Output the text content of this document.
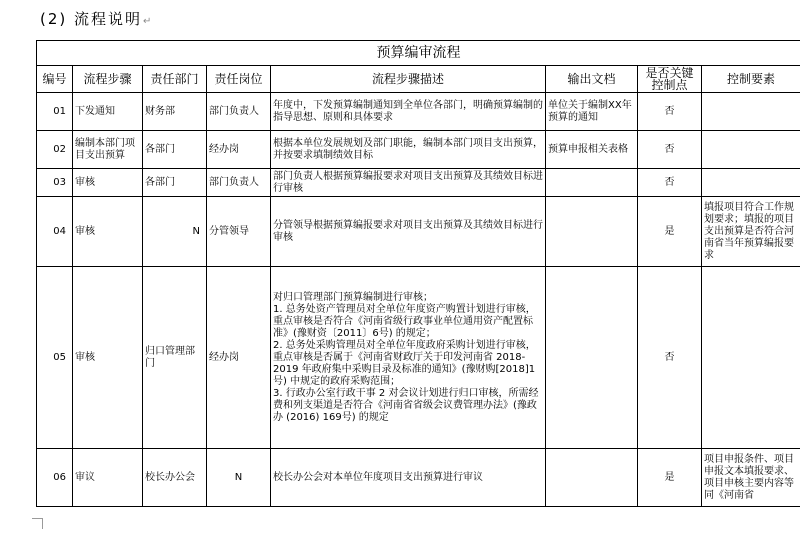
(2) 流程说明↵
预算编审流程							
编号	流程步骤	责任部门	责任岗位	流程步骤描述	输出文档	是否关键控制点	控制要素
01	下发通知	财务部	部门负责人	年度中，下发预算编制通知到全单位各部门，明确预算编制的指导思想、原则和具体要求	单位关于编制XX年预算的通知	否	
02	编制本部门项目支出预算	各部门	经办岗	根据本单位发展规划及部门职能，编制本部门项目支出预算，并按要求填制绩效目标	预算申报相关表格	否	
03	审核	各部门	部门负责人	部门负责人根据预算编报要求对项目支出预算及其绩效目标进行审核		否	
04	审核	N	分管领导	分管领导根据预算编报要求对项目支出预算及其绩效目标进行审核		是	填报项目符合工作规划要求；填报的项目支出预算是否符合河南省当年预算编报要求
05	审核	归口管理部门	经办岗	对归口管理部门预算编制进行审核；
1. 总务处资产管理员对全单位年度资产购置计划进行审核，重点审核是否符合《河南省级行政事业单位通用资产配置标准》(豫财资〔2011〕6号) 的规定；
2. 总务处采购管理员对全单位年度政府采购计划进行审核，重点审核是否属于《河南省财政厅关于印发河南省 2018-2019 年政府集中采购目录及标准的通知》(豫财购[2018]1号) 中规定的政府采购范围；
3. 行政办公室行政干事 2 对会议计划进行归口审核，所需经费和列支渠道是否符合《河南省省级会议费管理办法》(豫政办 (2016) 169号) 的规定		否	
06	审议	校长办公会	N	校长办公会对本单位年度项目支出预算进行审议		是	项目申报条件、项目申报文本填报要求、项目申核主要内容等同《河南省
